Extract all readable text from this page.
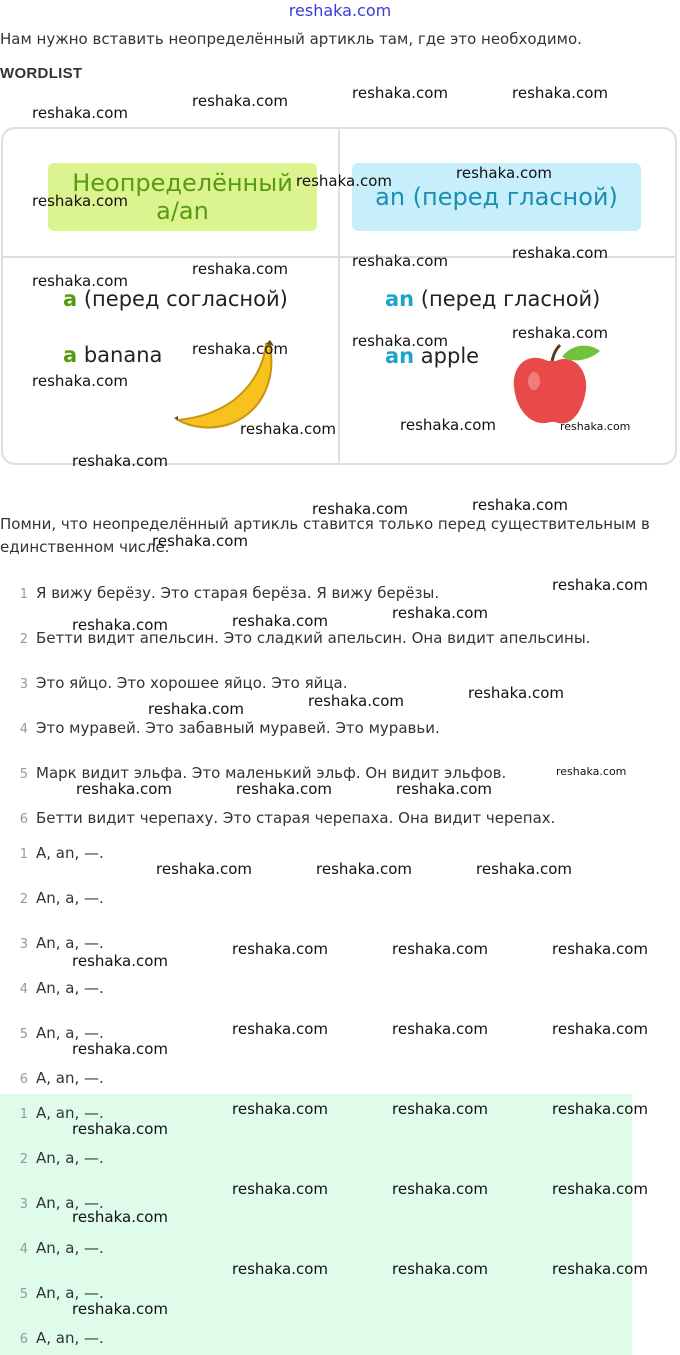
reshaka.com
Нам нужно вставить неопределённый артикль там, где это необходимо.
WORDLIST
Неопределённый a/an	an (перед гласной)
a (перед согласной)	an (перед гласной)
a banana	an apple
Помни, что неопределённый артикль ставится только перед существительным в единственном числе.
1 Я вижу берёзу. Это старая берёза. Я вижу берёзы.
2 Бетти видит апельсин. Это сладкий апельсин. Она видит апельсины.
3 Это яйцо. Это хорошее яйцо. Это яйца.
4 Это муравей. Это забавный муравей. Это муравьи.
5 Марк видит эльфа. Это маленький эльф. Он видит эльфов.
6 Бетти видит черепаху. Это старая черепаха. Она видит черепах.
1 A, an, —.
2 An, a, —.
3 An, a, —.
4 An, a, —.
5 An, a, —.
6 A, an, —.
1 A, an, —.
2 An, a, —.
3 An, a, —.
4 An, a, —.
5 An, a, —.
6 A, an, —.
reshaka.com
reshaka.com	reshaka.com	reshaka.com
reshaka.com
reshaka.com	reshaka.com
reshaka.com
reshaka.com	reshaka.com	reshaka.com
reshaka.com	reshaka.com	reshaka.com
reshaka.com
reshaka.com	reshaka.com	reshaka.com
reshaka.com
reshaka.com	reshaka.com
reshaka.com
reshaka.com
reshaka.com	reshaka.com	reshaka.com
reshaka.com	reshaka.com
reshaka.com
reshaka.com
reshaka.com	reshaka.com	reshaka.com
reshaka.com	reshaka.com	reshaka.com
reshaka.com	reshaka.com	reshaka.com
reshaka.com
reshaka.com	reshaka.com	reshaka.com
reshaka.com
reshaka.com	reshaka.com	reshaka.com
reshaka.com
reshaka.com	reshaka.com	reshaka.com
reshaka.com
reshaka.com	reshaka.com	reshaka.com
reshaka.com
